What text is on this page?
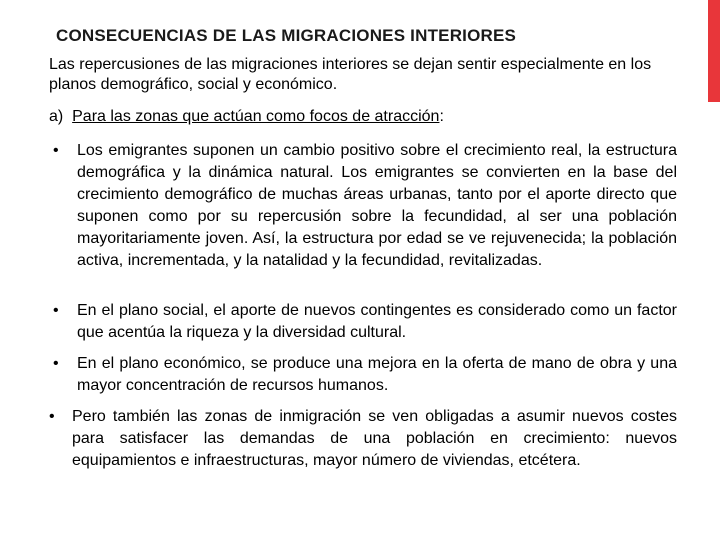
CONSECUENCIAS DE LAS MIGRACIONES INTERIORES

Las repercusiones de las migraciones interiores se dejan sentir especialmente en los planos demográfico, social y económico.

a) Para las zonas que actúan como focos de atracción:

• Los emigrantes suponen un cambio positivo sobre el crecimiento real, la estructura demográfica y la dinámica natural. Los emigrantes se convierten en la base del crecimiento demográfico de muchas áreas urbanas, tanto por el aporte directo que suponen como por su repercusión sobre la fecundidad, al ser una población mayoritariamente joven. Así, la estructura por edad se ve rejuvenecida; la población activa, incrementada, y la natalidad y la fecundidad, revitalizadas.

• En el plano social, el aporte de nuevos contingentes es considerado como un factor que acentúa la riqueza y la diversidad cultural.

• En el plano económico, se produce una mejora en la oferta de mano de obra y una mayor concentración de recursos humanos.

• Pero también las zonas de inmigración se ven obligadas a asumir nuevos costes para satisfacer las demandas de una población en crecimiento: nuevos equipamientos e infraestructuras, mayor número de viviendas, etcétera.
